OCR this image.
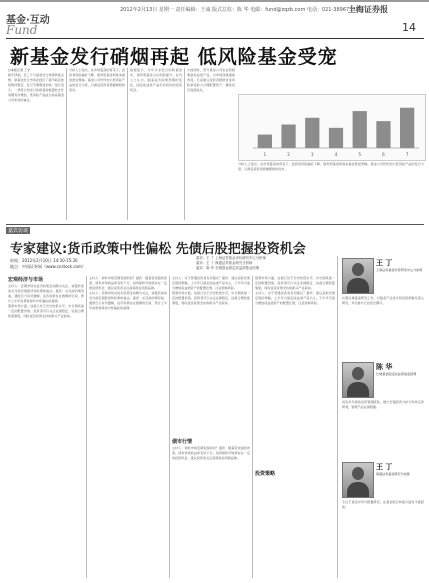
2012年2月13日 星期一 责任编辑：王诚 版式总监：陈 华 电邮：fund@zqzb.com 电话：021-38967538
上海证券报
基金·互动
Fund	14
新基金发行硝烟再起 低风险基金受宠

○本报记者 丁宁

新年伊始，近三个月基金发行热情再度点燃。新基金发行市场在经历了春节前后的短暂休整后，发行节奏明显加快。统计显示，一季度计划发行的新基金数量较去年同期有所增加，低风险产品成为各家基金公司布局的重点。

分析人士指出，在市场震荡的背景下，投资者风险偏好下降，债券型基金和保本基金更受青睐。基金公司纷纷加大低风险产品的发行力度，以满足投资者稳健理财的需求。

数据显示，今年以来发行的新基金中，债券型基金占比明显提升。业内人士认为，随着货币政策预期的变化，固定收益类产品仍有较好的投资机会。

与此同时，部分基金公司也在积极筹备权益类产品，为市场回暖提前布局。专家建议投资者根据自身风险承受能力合理配置资产，避免盲目追逐热点。

1	2	3	4	5	6	7

分析人士指出，在市场震荡的背景下，投资者风险偏好下降，债券型基金和保本基金更受青睐。基金公司纷纷加大低风险产品的发行力度，以满足投资者稳健理财的需求。

嘉宾访谈
专家建议:货币政策中性偏松 先债后股把握投资机会
时间：2012年2月10日 14:30-15:30
地点：中国证券网（www.cnstock.com）
嘉宾：王 丁 上海证券基金评价研究中心分析师
嘉宾：王 丁 海通证券基金研究分析师
嘉宾：陈 华 长城基金固定收益部基金经理
宏观经济与市场

主持人：近期市场对货币政策走向颇为关注，请嘉宾谈谈对当前宏观经济和政策的看法。嘉宾：从目前的情况看，通胀压力有所缓解，货币政策存在微调的空间，预计上半年政策将保持中性偏松的基调。

股票市场方面，估值已处于历史较低水平，中长期具备一定的配置价值。投资者可以关注业绩稳定、估值合理的蓝筹股，同时留意政策支持的新兴产业板块。

主持人：债券市场近期表现如何？嘉宾：随着资金面的改善，债券市场收益率有所下行，信用债和可转债存在一定的投资机会，建议投资者关注高等级信用债品种。

主持人：近期市场对货币政策走向颇为关注，请嘉宾谈谈对当前宏观经济和政策的看法。嘉宾：从目前的情况看，通胀压力有所缓解，货币政策存在微调的空间，预计上半年政策将保持中性偏松的基调。

主持人：对于普通投资者有何建议？嘉宾：建议采取先债后股的策略，上半年以固定收益类产品为主，下半年可适当增加权益类资产的配置比例，注意控制风险。

股票市场方面，估值已处于历史较低水平，中长期具备一定的配置价值。投资者可以关注业绩稳定、估值合理的蓝筹股，同时留意政策支持的新兴产业板块。

债市行情

主持人：债券市场近期表现如何？嘉宾：随着资金面的改善，债券市场收益率有所下行，信用债和可转债存在一定的投资机会，建议投资者关注高等级信用债品种。

股票市场方面，估值已处于历史较低水平，中长期具备一定的配置价值。投资者可以关注业绩稳定、估值合理的蓝筹股，同时留意政策支持的新兴产业板块。

主持人：对于普通投资者有何建议？嘉宾：建议采取先债后股的策略，上半年以固定收益类产品为主，下半年可适当增加权益类资产的配置比例，注意控制风险。

投资策略
王 丁

上海证券基金评价研究中心分析师

长期从事基金研究工作，对基金产品设计和投资策略有深入研究，多次参与行业报告撰写。

陈 华

长城基金固定收益部基金经理

具有多年债券投资管理经验，擅长宏观经济分析与利率走势研判，管理产品业绩稳健。

王 丁

海通证券基金研究分析师

专注于基金评价与配置研究，在基金组合构建方面有丰富经验。
